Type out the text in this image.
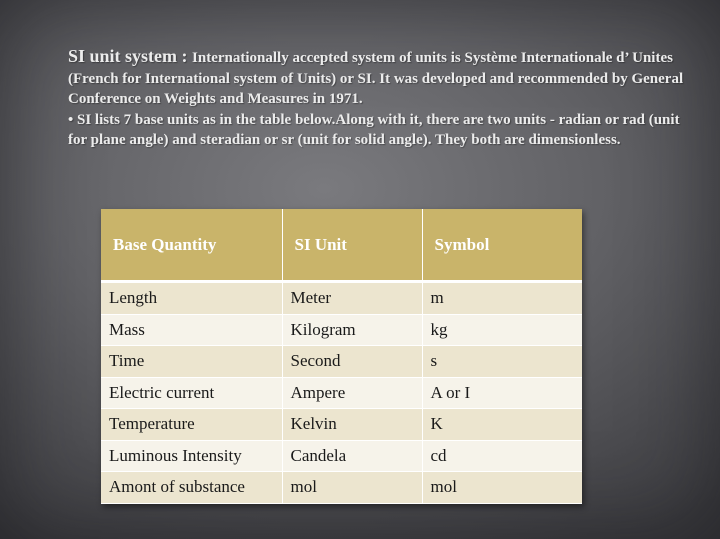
SI unit system : Internationally accepted system of units is Système Internationale d’ Unites (French for International system of Units) or SI. It was developed and recommended by General Conference on Weights and Measures in 1971.

• SI lists 7 base units as in the table below.Along with it, there are two units - radian or rad (unit for plane angle) and steradian or sr (unit for solid angle). They both are dimensionless.

Base Quantity	SI Unit	Symbol
Length	Meter	m
Mass	Kilogram	kg
Time	Second	s
Electric current	Ampere	A or I
Temperature	Kelvin	K
Luminous Intensity	Candela	cd
Amont of substance	mol	mol
